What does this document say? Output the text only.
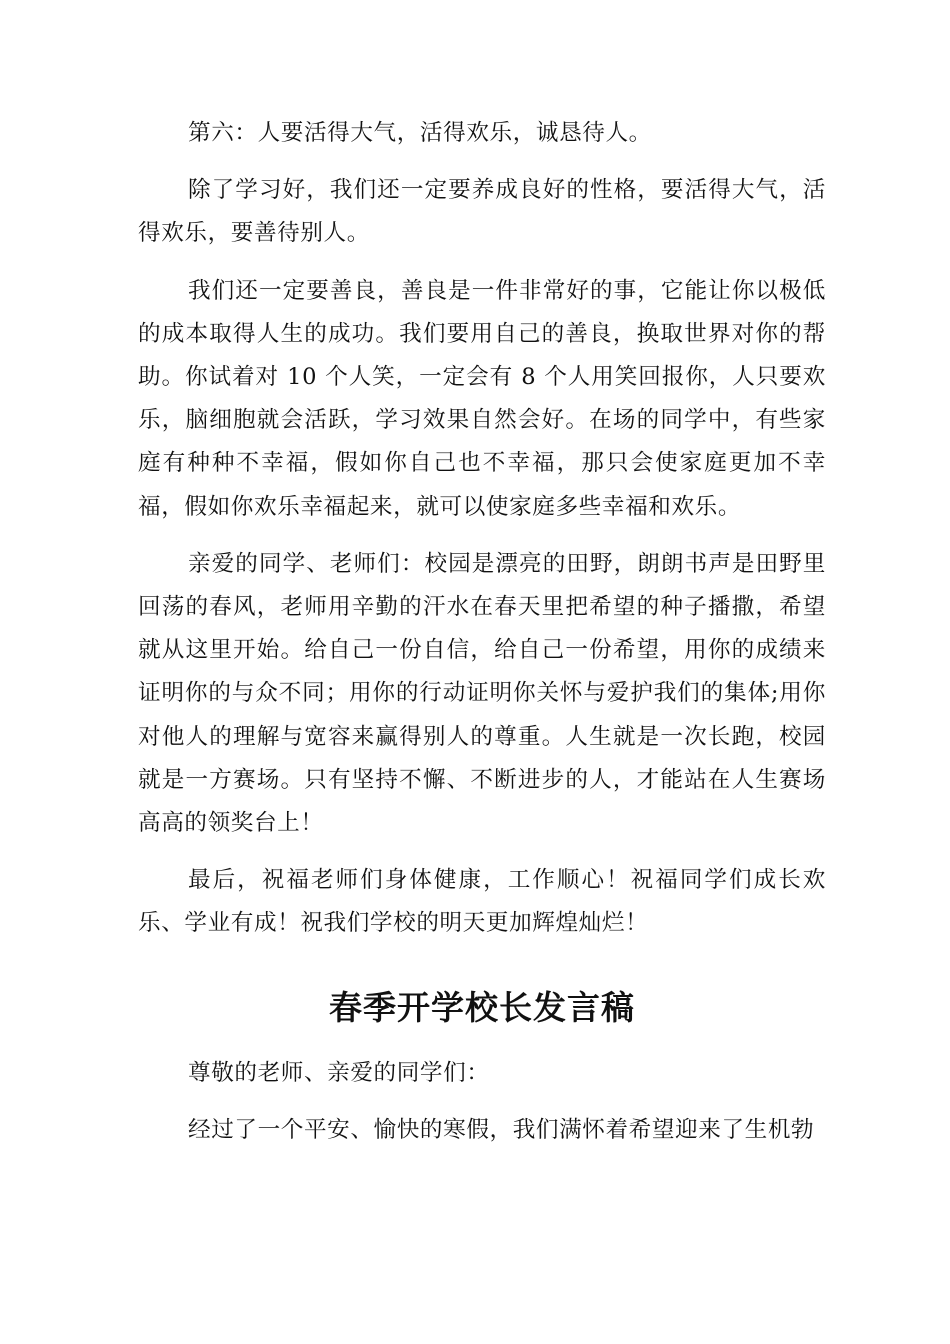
第六：人要活得大气，活得欢乐，诚恳待人。

除了学习好，我们还一定要养成良好的性格，要活得大气，活得欢乐，要善待别人。

我们还一定要善良，善良是一件非常好的事，它能让你以极低的成本取得人生的成功。我们要用自己的善良，换取世界对你的帮助。你试着对 10 个人笑，一定会有 8 个人用笑回报你，人只要欢乐，脑细胞就会活跃，学习效果自然会好。在场的同学中，有些家庭有种种不幸福，假如你自己也不幸福，那只会使家庭更加不幸福，假如你欢乐幸福起来，就可以使家庭多些幸福和欢乐。

亲爱的同学、老师们：校园是漂亮的田野，朗朗书声是田野里回荡的春风，老师用辛勤的汗水在春天里把希望的种子播撒，希望就从这里开始。给自己一份自信，给自己一份希望，用你的成绩来证明你的与众不同；用你的行动证明你关怀与爱护我们的集体;用你对他人的理解与宽容来赢得别人的尊重。人生就是一次长跑，校园就是一方赛场。只有坚持不懈、不断进步的人，才能站在人生赛场高高的领奖台上！

最后，祝福老师们身体健康，工作顺心！祝福同学们成长欢乐、学业有成！祝我们学校的明天更加辉煌灿烂！

春季开学校长发言稿

尊敬的老师、亲爱的同学们：

经过了一个平安、愉快的寒假，我们满怀着希望迎来了生机勃
